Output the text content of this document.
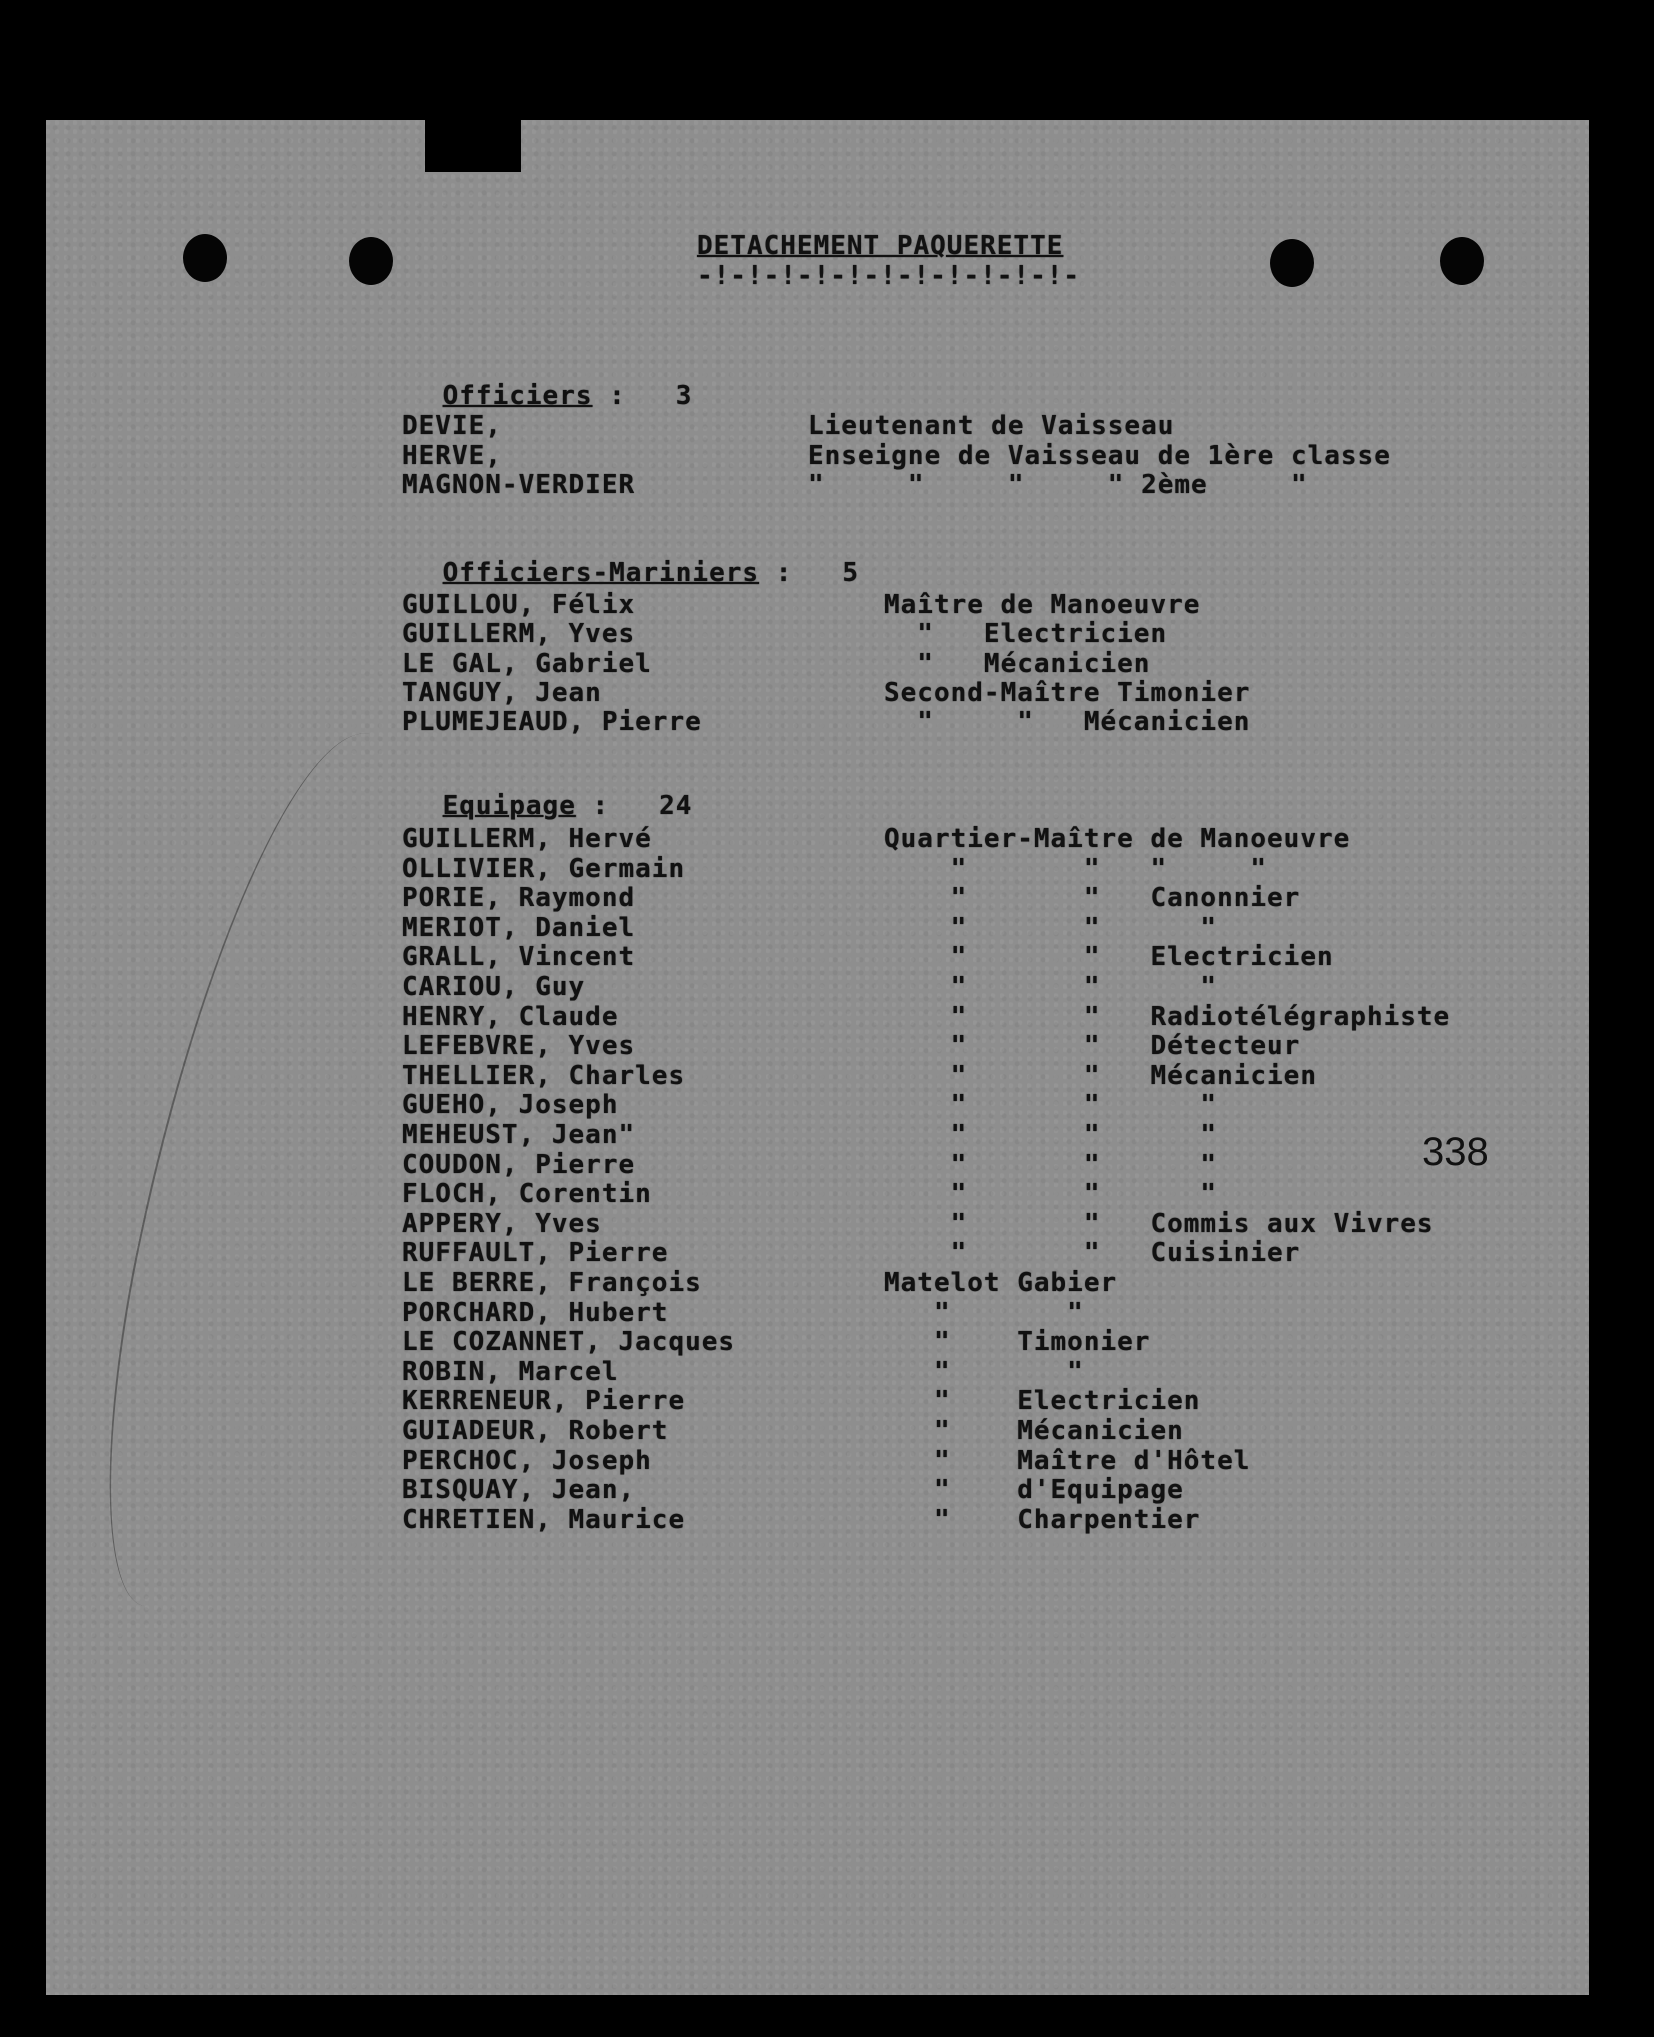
DETACHEMENT PAQUERETTE
-!-!-!-!-!-!-!-!-!-!-!-

Officiers : 3

Officiers-Mariniers : 5

Equipage : 24

DEVIE,	Lieutenant de Vaisseau
HERVE,	Enseigne de Vaisseau de 1ère classe
MAGNON-VERDIER	"     "     "     " 2ème     "
GUILLOU, Félix	Maître de Manoeuvre
GUILLERM, Yves	"   Electricien
LE GAL, Gabriel	"   Mécanicien
TANGUY, Jean	Second-Maître Timonier
PLUMEJEAUD, Pierre	"     "   Mécanicien
GUILLERM, Hervé	Quartier-Maître de Manoeuvre
OLLIVIER, Germain	"       "   "     "
PORIE, Raymond	"       "   Canonnier
MERIOT, Daniel	"       "      "
GRALL, Vincent	"       "   Electricien
CARIOU, Guy	"       "      "
HENRY, Claude	"       "   Radiotélégraphiste
LEFEBVRE, Yves	"       "   Détecteur
THELLIER, Charles	"       "   Mécanicien
GUEHO, Joseph	"       "      "
MEHEUST, Jean"	"       "      "
COUDON, Pierre	"       "      "
FLOCH, Corentin	"       "      "
APPERY, Yves	"       "   Commis aux Vivres
RUFFAULT, Pierre	"       "   Cuisinier
LE BERRE, François	Matelot Gabier
PORCHARD, Hubert	"       "
LE COZANNET, Jacques	"    Timonier
ROBIN, Marcel	"       "
KERRENEUR, Pierre	"    Electricien
GUIADEUR, Robert	"    Mécanicien
PERCHOC, Joseph	"    Maître d'Hôtel
BISQUAY, Jean,	"    d'Equipage
CHRETIEN, Maurice	"    Charpentier
338
